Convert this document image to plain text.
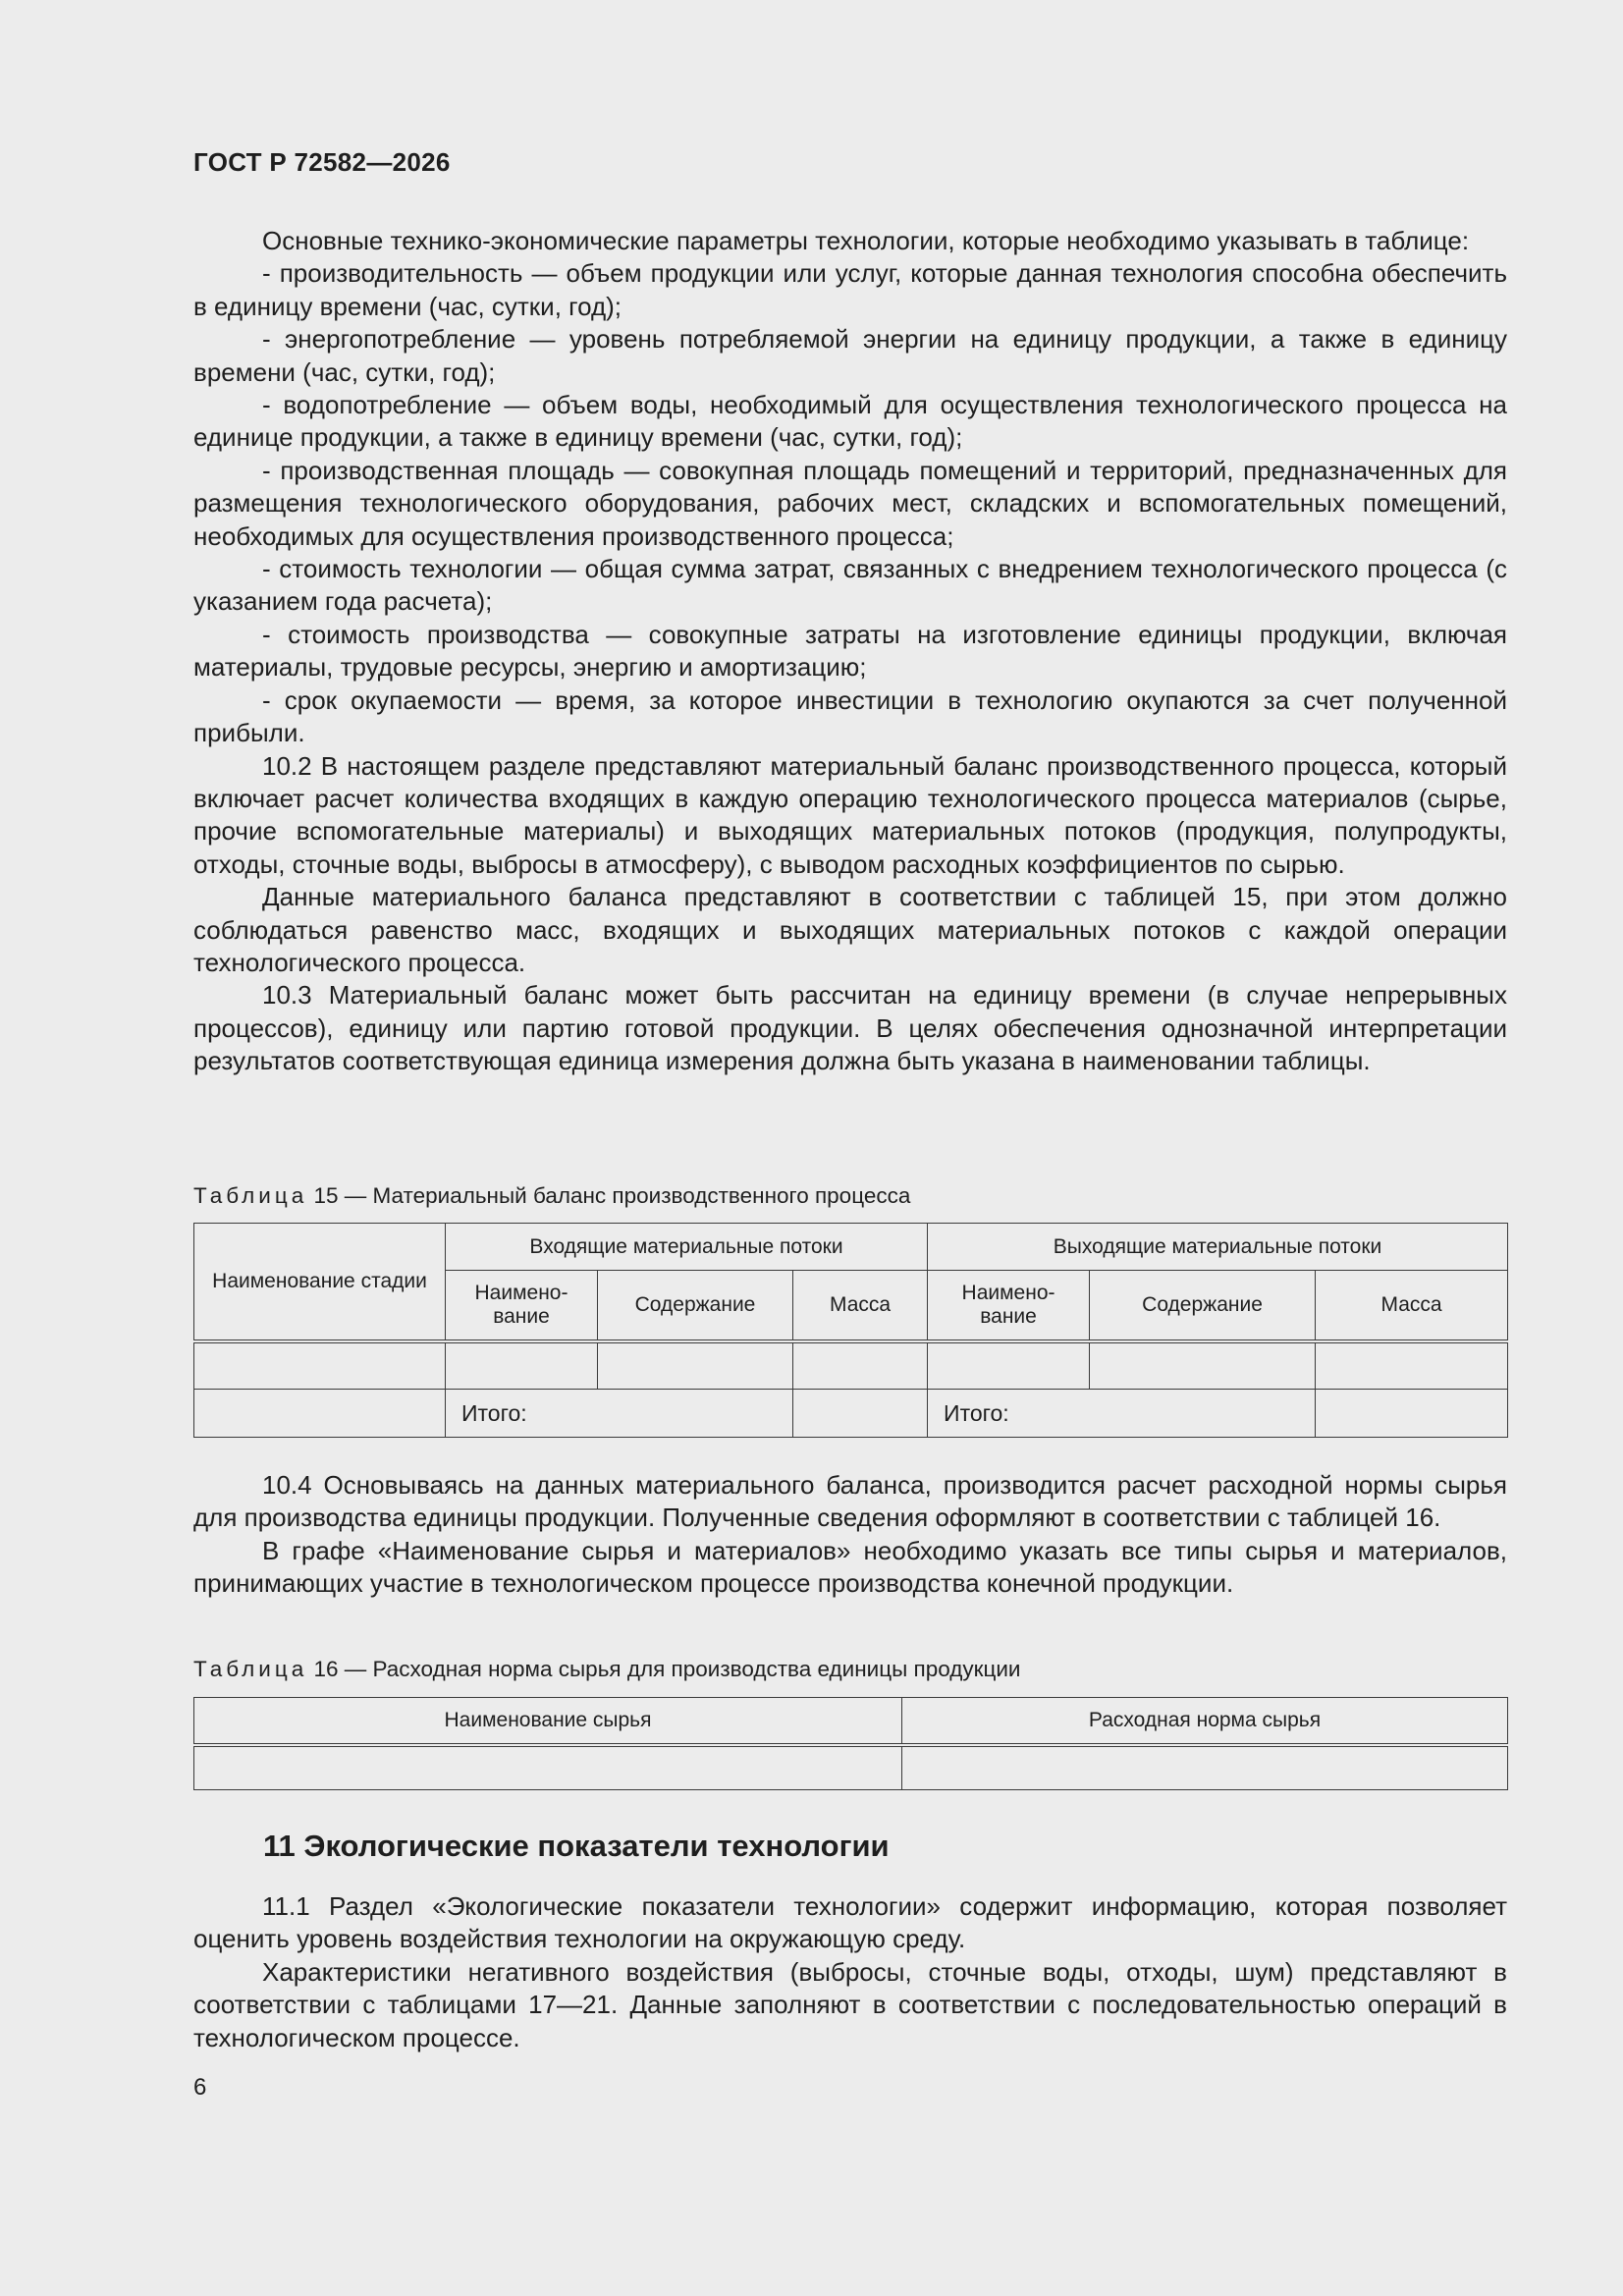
ГОСТ Р 72582—2026

Основные технико-экономические параметры технологии, которые необходимо указывать в таблице:

- производительность — объем продукции или услуг, которые данная технология способна обеспечить в единицу времени (час, сутки, год);

- энергопотребление — уровень потребляемой энергии на единицу продукции, а также в единицу времени (час, сутки, год);

- водопотребление — объем воды, необходимый для осуществления технологического процесса на единице продукции, а также в единицу времени (час, сутки, год);

- производственная площадь — совокупная площадь помещений и территорий, предназначенных для размещения технологического оборудования, рабочих мест, складских и вспомогательных помещений, необходимых для осуществления производственного процесса;

- стоимость технологии — общая сумма затрат, связанных с внедрением технологического процесса (с указанием года расчета);

- стоимость производства — совокупные затраты на изготовление единицы продукции, включая материалы, трудовые ресурсы, энергию и амортизацию;

- срок окупаемости — время, за которое инвестиции в технологию окупаются за счет полученной прибыли.

10.2 В настоящем разделе представляют материальный баланс производственного процесса, который включает расчет количества входящих в каждую операцию технологического процесса материалов (сырье, прочие вспомогательные материалы) и выходящих материальных потоков (продукция, полупродукты, отходы, сточные воды, выбросы в атмосферу), с выводом расходных коэффициентов по сырью.

Данные материального баланса представляют в соответствии с таблицей 15, при этом должно соблюдаться равенство масс, входящих и выходящих материальных потоков с каждой операции технологического процесса.

10.3 Материальный баланс может быть рассчитан на единицу времени (в случае непрерывных процессов), единицу или партию готовой продукции. В целях обеспечения однозначной интерпретации результатов соответствующая единица измерения должна быть указана в наименовании таблицы.

Таблица 15 — Материальный баланс производственного процесса
Наименование стадии	Входящие материальные потоки			Выходящие материальные потоки		
	Наимено-вание	Содержание	Масса	Наимено-вание	Содержание	Масса

	Итого:			Итого:		

10.4 Основываясь на данных материального баланса, производится расчет расходной нормы сырья для производства единицы продукции. Полученные сведения оформляют в соответствии с таблицей 16.

В графе «Наименование сырья и материалов» необходимо указать все типы сырья и материалов, принимающих участие в технологическом процессе производства конечной продукции.

Таблица 16 — Расходная норма сырья для производства единицы продукции
Наименование сырья	Расходная норма сырья

11 Экологические показатели технологии

11.1 Раздел «Экологические показатели технологии» содержит информацию, которая позволяет оценить уровень воздействия технологии на окружающую среду.

Характеристики негативного воздействия (выбросы, сточные воды, отходы, шум) представляют в соответствии с таблицами 17—21. Данные заполняют в соответствии с последовательностью операций в технологическом процессе.

6
